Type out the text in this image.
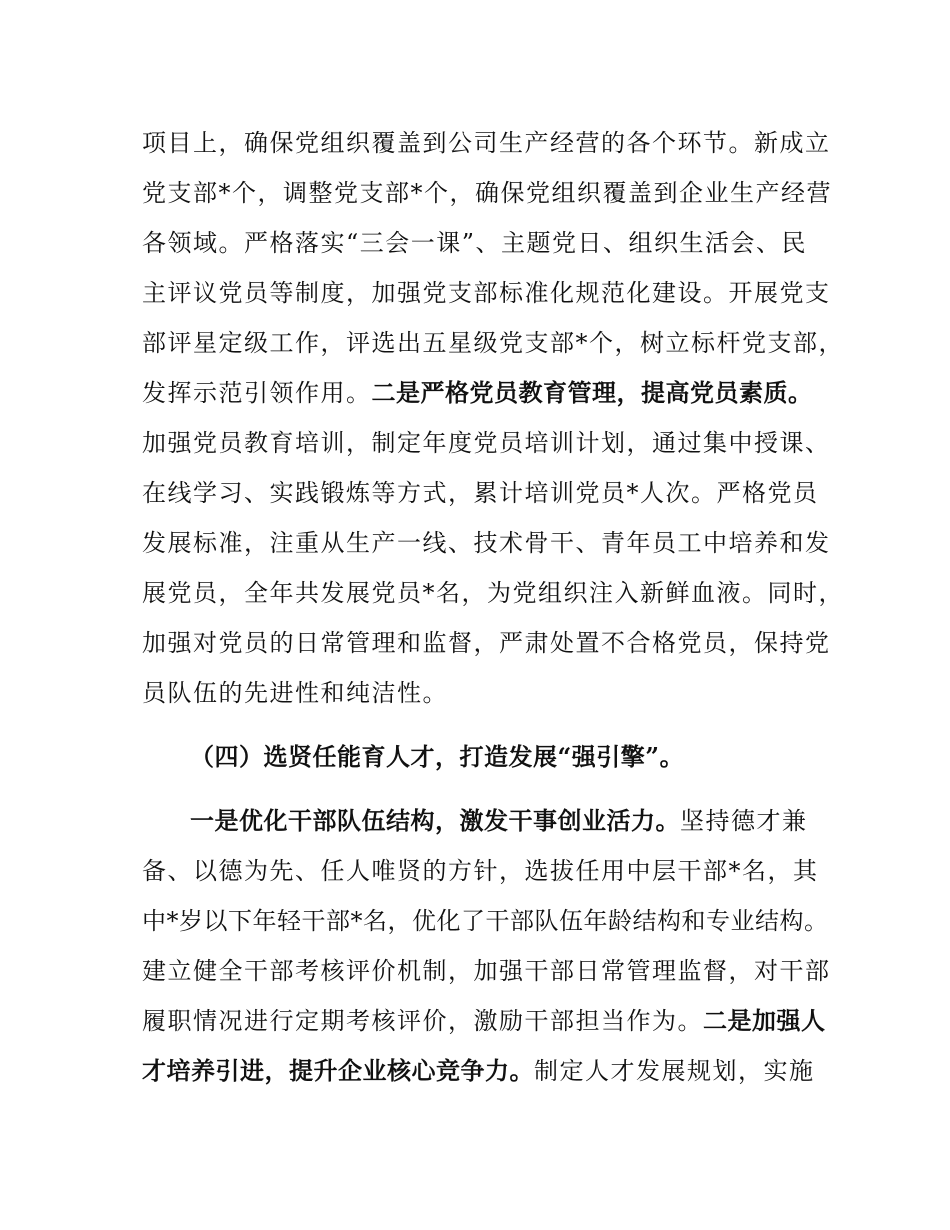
项目上，确保党组织覆盖到公司生产经营的各个环节。新成立
党支部*个，调整党支部*个，确保党组织覆盖到企业生产经营
各领域。严格落实“三会一课”、主题党日、组织生活会、民
主评议党员等制度，加强党支部标准化规范化建设。开展党支
部评星定级工作，评选出五星级党支部*个，树立标杆党支部，
发挥示范引领作用。二是严格党员教育管理，提高党员素质。
加强党员教育培训，制定年度党员培训计划，通过集中授课、
在线学习、实践锻炼等方式，累计培训党员*人次。严格党员
发展标准，注重从生产一线、技术骨干、青年员工中培养和发
展党员，全年共发展党员*名，为党组织注入新鲜血液。同时，
加强对党员的日常管理和监督，严肃处置不合格党员，保持党
员队伍的先进性和纯洁性。
（四）选贤任能育人才，打造发展“强引擎”。
一是优化干部队伍结构，激发干事创业活力。坚持德才兼
备、以德为先、任人唯贤的方针，选拔任用中层干部*名，其
中*岁以下年轻干部*名，优化了干部队伍年龄结构和专业结构。
建立健全干部考核评价机制，加强干部日常管理监督，对干部
履职情况进行定期考核评价，激励干部担当作为。二是加强人
才培养引进，提升企业核心竞争力。制定人才发展规划，实施
